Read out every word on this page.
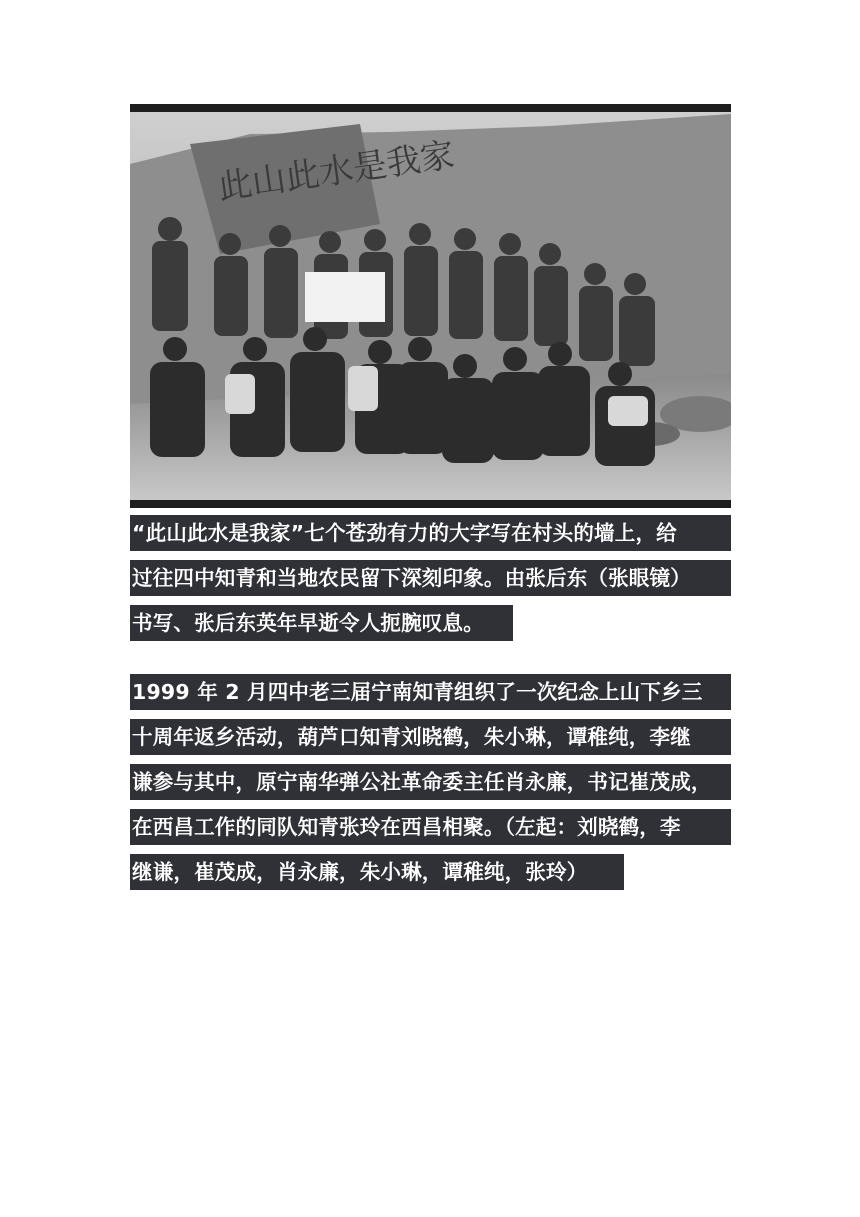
此山此水是我家
“此山此水是我家”七个苍劲有力的大字写在村头的墙上，给
过往四中知青和当地农民留下深刻印象。由张后东（张眼镜）
书写、张后东英年早逝令人扼腕叹息。
1999 年 2 月四中老三届宁南知青组织了一次纪念上山下乡三
十周年返乡活动，葫芦口知青刘晓鹤，朱小琳，谭稚纯，李继
谦参与其中，原宁南华弹公社革命委主任肖永廉，书记崔茂成，
在西昌工作的同队知青张玲在西昌相聚。（左起：刘晓鹤，李
继谦，崔茂成，肖永廉，朱小琳，谭稚纯，张玲）
